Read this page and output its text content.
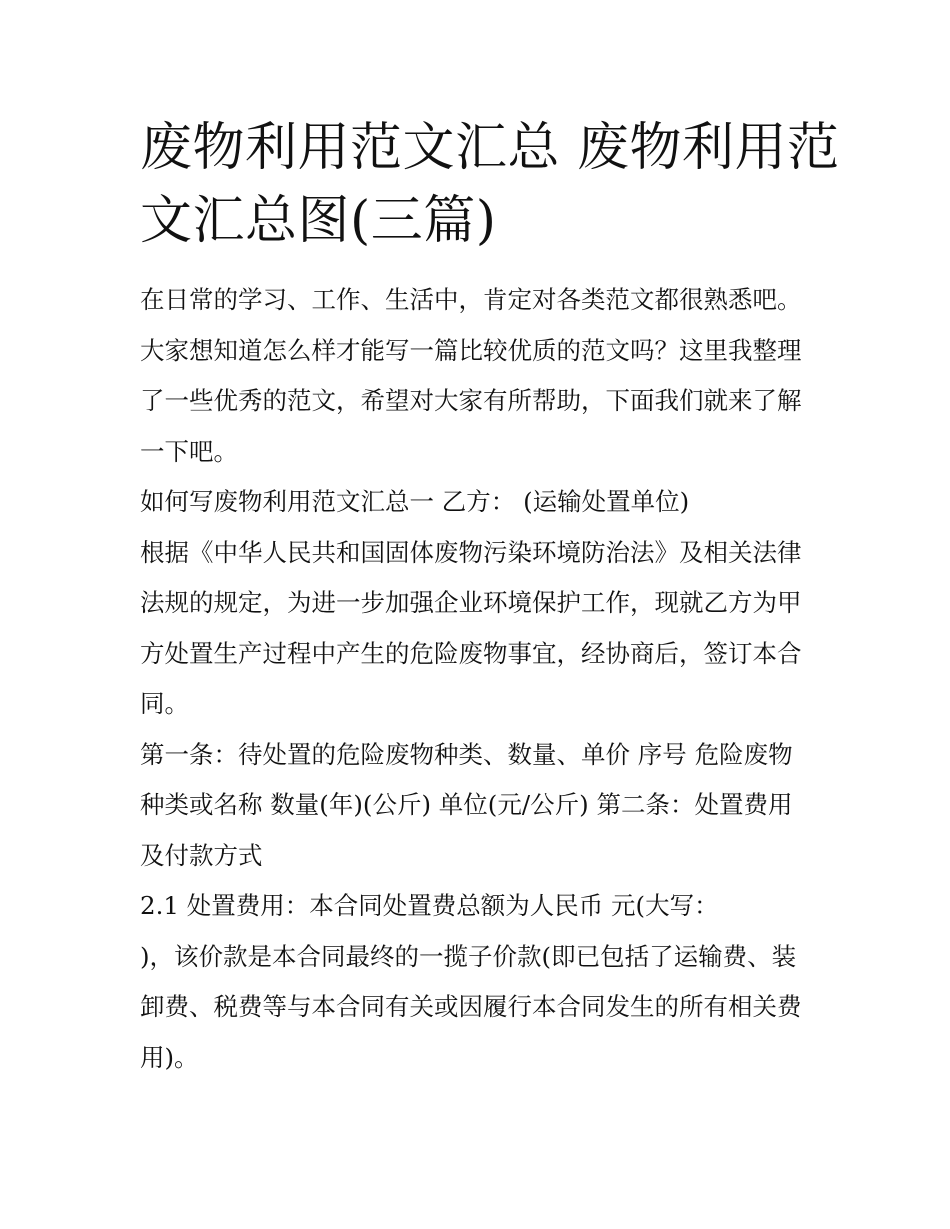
废物利用范文汇总 废物利用范
文汇总图(三篇)

在日常的学习、工作、生活中，肯定对各类范文都很熟悉吧。

大家想知道怎么样才能写一篇比较优质的范文吗？这里我整理

了一些优秀的范文，希望对大家有所帮助，下面我们就来了解

一下吧。

如何写废物利用范文汇总一 乙方： (运输处置单位)

根据《中华人民共和国固体废物污染环境防治法》及相关法律

法规的规定，为进一步加强企业环境保护工作，现就乙方为甲

方处置生产过程中产生的危险废物事宜，经协商后，签订本合

同。

第一条：待处置的危险废物种类、数量、单价 序号 危险废物

种类或名称 数量(年)(公斤) 单位(元/公斤) 第二条：处置费用

及付款方式

2.1 处置费用：本合同处置费总额为人民币 元(大写：

)，该价款是本合同最终的一揽子价款(即已包括了运输费、装

卸费、税费等与本合同有关或因履行本合同发生的所有相关费

用)。
